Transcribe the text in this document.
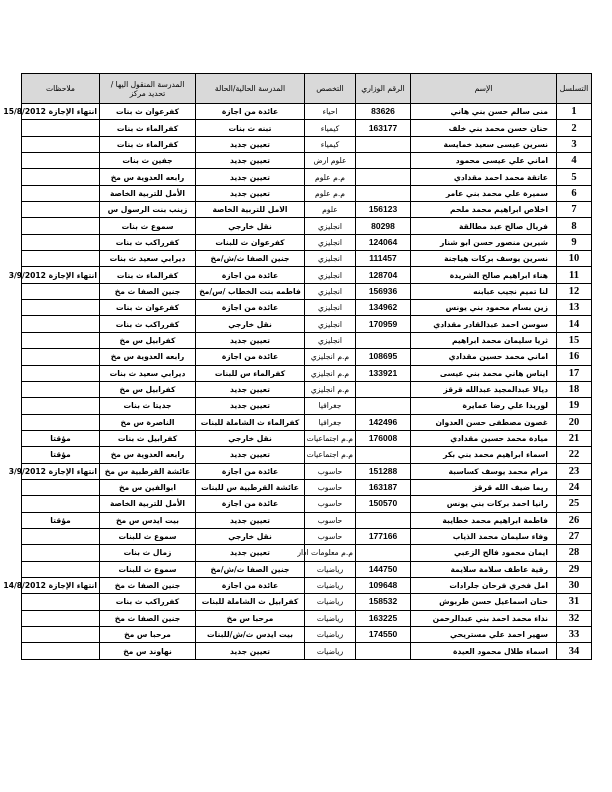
التسلسل	الإسم	الرقم الوزاري	التخصص	المدرسة الحالية/الحالة	المدرسة المنقول اليها /
تحديد مركز	ملاحظات
1	منى سالم حسن بني هاني	83626	احياء	عائدة من اجازة	كفرعوان ث بنات	انتهاء الإجازة 15/8/2012
2	حنان حسن محمد بني خلف	163177	كيمياء	تبنه ث بنات	كفرالماء ث بنات	
3	نسرين عيسى سعيد خمايسة		كيمياء	تعيين جديد	كفرالماء ث بنات	
4	اماني علي عيسى محمود		علوم ارض	تعيين جديد	جفين ث بنات	
5	عاتقة محمد احمد مقدادي		م.م علوم	تعيين جديد	رابعه العدوية س مخ	
6	سميرة علي محمد بني عامر		م.م علوم	تعيين جديد	الأمل للتربية الخاصة	
7	اخلاص ابراهيم محمد ملحم	156123	علوم	الامل للتربية الخاصة	زينب بنت الرسول س	
8	فريال صالح عبد مطالقة	80298	انجليزي	نقل خارجي	سموع ث بنات	
9	شيرين منصور حسن ابو شنار	124064	انجليزي	كفرعوان ث للبنات	كفرراكب ث بنات	
10	نسرين يوسف بركات هياجنة	111457	انجليزي	جنين الصفا ث/ش/مخ	ديرابي سعيد ث بنات	
11	هناء ابراهيم صالح الشريدة	128704	انجليزي	عائدة من اجازة	كفرالماء ث بنات	انتهاء الإجازة 3/9/2012
12	لنا تميم نجيب عبابنه	156936	انجليزي	فاطمه بنت الخطاب /س/مخ	جنين الصفا ث مخ	
13	زين بسام محمود بني يونس	134962	انجليزي	عائدة من اجازة	كفرعوان ث بنات	
14	سوسن احمد عبدالقادر مقدادي	170959	انجليزي	نقل خارجي	كفرراكب ث بنات	
15	ثريا سليمان محمد ابراهيم		انجليزي	تعيين جديد	كفرابيل س مخ	
16	اماني محمد حسين مقدادي	108695	م.م انجليزي	عائدة من اجازة	رابعه العدوية س مخ	
17	ايناس هاني محمد بني عيسى	133921	م.م انجليزي	كفرالماء س للبنات	ديرابي سعيد ث بنات	
18	ديالا عبدالمجيد عبدالله قرقز		م.م انجليزي	تعيين جديد	كفرابيل س مخ	
19	لوريدا علي رضا عمايرة		جغرافيا	تعيين جديد	جديتا ث بنات	
20	غصون مصطفى حسن العدوان	142496	جغرافيا	كفرالماء ث الشاملة للبنات	الناصرة س مخ	
21	ميادة محمد حسين مقدادي	176008	م.م اجتماعيات	نقل خارجي	كفرابيل ث بنات	مؤقتا
22	اسماء ابراهيم محمد بني بكر		م.م اجتماعيات	تعيين جديد	رابعه العدوية س مخ	مؤقتا
23	مرام محمد يوسف كساسبة	151288	حاسوب	عائدة من اجازة	عائشة القرطبية س مخ	انتهاء الإجازة 3/9/2012
24	ريما ضيف الله قرقز	163187	حاسوب	عائشة القرطبية س للبنات	ابوالفين س مخ	
25	رانيا احمد بركات بني يونس	150570	حاسوب	عائدة من اجازة	الأمل للتربية الخاصة	
26	فاطمة ابراهيم محمد خطايبة		حاسوب	تعيين جديد	بيت ايدس س مخ	مؤقتا
27	وفاء سليمان محمد الذياب	177166	حاسوب	نقل خارجي	سموع ث للبنات	
28	ايمان محمود فالح الزعبي		م.م معلومات ادار	تعيين جديد	زمال ث بنات	
29	رقية عاطف سلامة سلايمة	144750	رياضيات	جنين الصفا ث/ش/مخ	سموع ث للبنات	
30	امل فخري فرحان جلرادات	109648	رياضيات	عائدة من اجازة	جنين الصفا ث مخ	انتهاء الإجازة 14/8/2012
31	حنان اسماعيل حسن طربوش	158532	رياضيات	كفرابيل ث الشاملة للبنات	كفرراكب ث بنات	
32	نداء محمد احمد بني عبدالرحمن	163225	رياضيات	مرحبا س مخ	جنين الصفا ث مخ	
33	سهير احمد علي مستريحي	174550	رياضيات	بيت ايدس ث/ش/للبنات	مرحبا س مخ	
34	اسماء طلال محمود العيدة		رياضيات	تعيين جديد	نهاوند س مخ	
